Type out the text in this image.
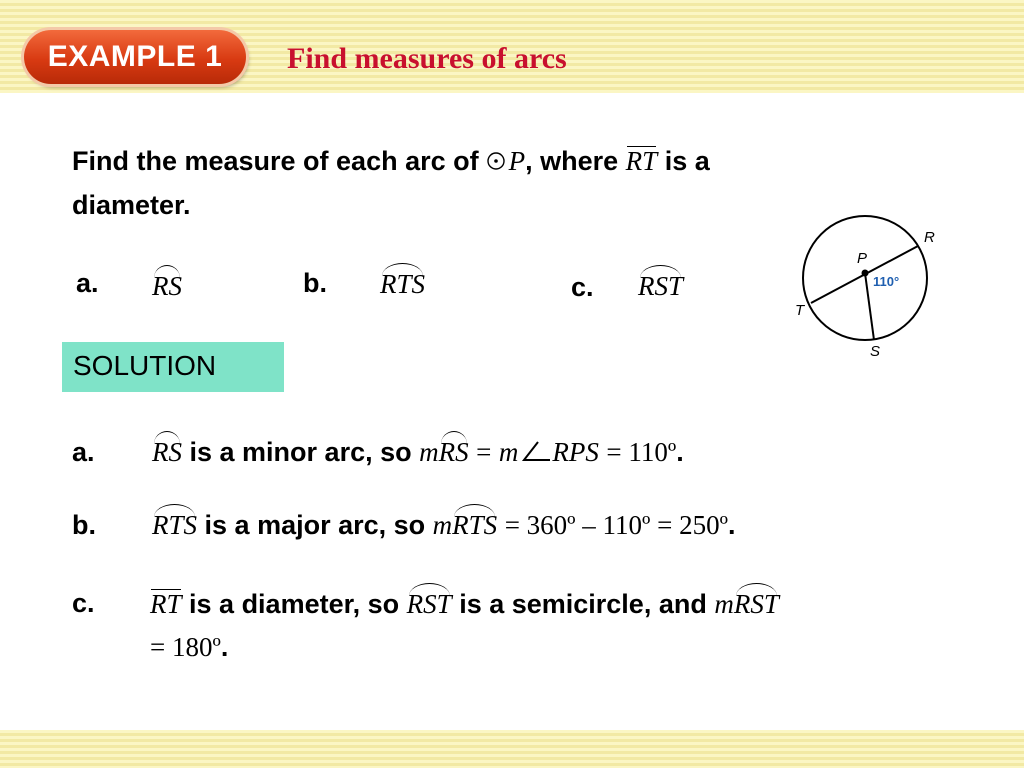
EXAMPLE 1 Find measures of arcs
Find the measure of each arc of P, where RT is a
diameter.
a. RS	b. RTS	c. RST
P
R
T
S
110°
SOLUTION
a. RS is a minor arc, so mRS = m RPS = 110º.
b. RTS is a major arc, so mRTS = 360º – 110º = 250º.
c. RT is a diameter, so RST is a semicircle, and mRST
= 180º.
